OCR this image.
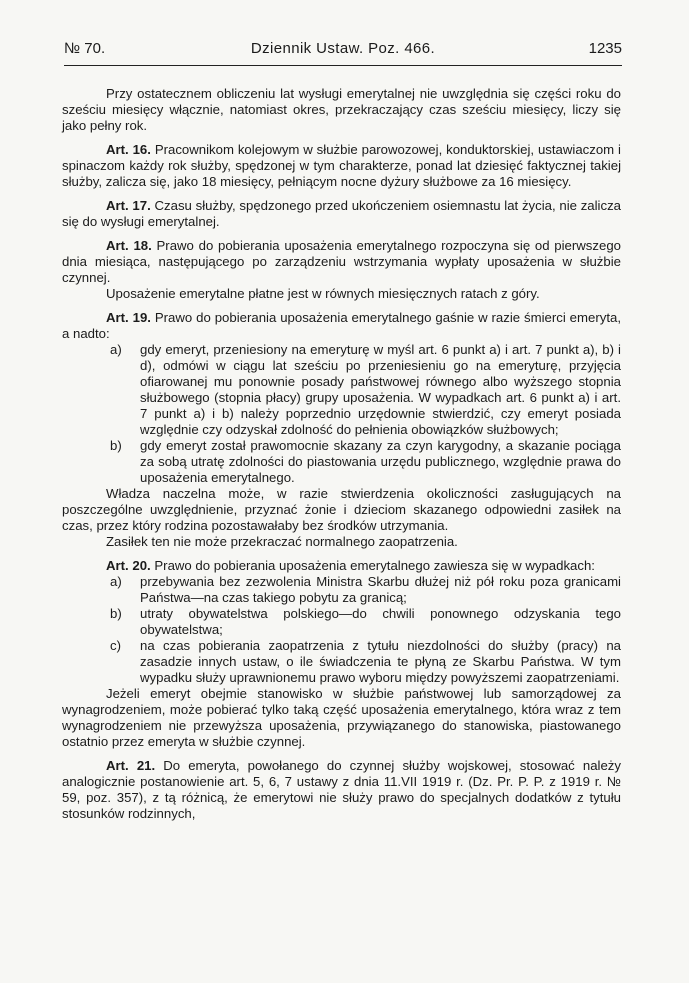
№ 70.	Dziennik Ustaw. Poz. 466.	1235

Przy ostatecznem obliczeniu lat wysługi emerytalnej nie uwzględnia się części roku do sześciu miesięcy włącznie, natomiast okres, przekraczający czas sześciu miesięcy, liczy się jako pełny rok.

Art. 16. Pracownikom kolejowym w służbie parowozowej, konduktorskiej, ustawiaczom i spinaczom każdy rok służby, spędzonej w tym charakterze, ponad lat dziesięć faktycznej takiej służby, zalicza się, jako 18 miesięcy, pełniącym nocne dyżury służbowe za 16 miesięcy.

Art. 17. Czasu służby, spędzonego przed ukończeniem osiemnastu lat życia, nie zalicza się do wysługi emerytalnej.

Art. 18. Prawo do pobierania uposażenia emerytalnego rozpoczyna się od pierwszego dnia miesiąca, następującego po zarządzeniu wstrzymania wypłaty uposażenia w służbie czynnej.

Uposażenie emerytalne płatne jest w równych miesięcznych ratach z góry.

Art. 19. Prawo do pobierania uposażenia emerytalnego gaśnie w razie śmierci emeryta, a nadto:

a) gdy emeryt, przeniesiony na emeryturę w myśl art. 6 punkt a) i art. 7 punkt a), b) i d), odmówi w ciągu lat sześciu po przeniesieniu go na emeryturę, przyjęcia ofiarowanej mu ponownie posady państwowej równego albo wyższego stopnia służbowego (stopnia płacy) grupy uposażenia. W wypadkach art. 6 punkt a) i art. 7 punkt a) i b) należy poprzednio urzędownie stwierdzić, czy emeryt posiada względnie czy odzyskał zdolność do pełnienia obowiązków służbowych;

b) gdy emeryt został prawomocnie skazany za czyn karygodny, a skazanie pociąga za sobą utratę zdolności do piastowania urzędu publicznego, względnie prawa do uposażenia emerytalnego.

Władza naczelna może, w razie stwierdzenia okoliczności zasługujących na poszczególne uwzględnienie, przyznać żonie i dzieciom skazanego odpowiedni zasiłek na czas, przez który rodzina pozostawałaby bez środków utrzymania.

Zasiłek ten nie może przekraczać normalnego zaopatrzenia.

Art. 20. Prawo do pobierania uposażenia emerytalnego zawiesza się w wypadkach:

a) przebywania bez zezwolenia Ministra Skarbu dłużej niż pół roku poza granicami Państwa—na czas takiego pobytu za granicą;

b) utraty obywatelstwa polskiego—do chwili ponownego odzyskania tego obywatelstwa;

c) na czas pobierania zaopatrzenia z tytułu niezdolności do służby (pracy) na zasadzie innych ustaw, o ile świadczenia te płyną ze Skarbu Państwa. W tym wypadku służy uprawnionemu prawo wyboru między powyższemi zaopatrzeniami.

Jeżeli emeryt obejmie stanowisko w służbie państwowej lub samorządowej za wynagrodzeniem, może pobierać tylko taką część uposażenia emerytalnego, która wraz z tem wynagrodzeniem nie przewyższa uposażenia, przywiązanego do stanowiska, piastowanego ostatnio przez emeryta w służbie czynnej.

Art. 21. Do emeryta, powołanego do czynnej służby wojskowej, stosować należy analogicznie postanowienie art. 5, 6, 7 ustawy z dnia 11.VII 1919 r. (Dz. Pr. P. P. z 1919 r. № 59, poz. 357), z tą różnicą, że emerytowi nie służy prawo do specjalnych dodatków z tytułu stosunków rodzinnych,
